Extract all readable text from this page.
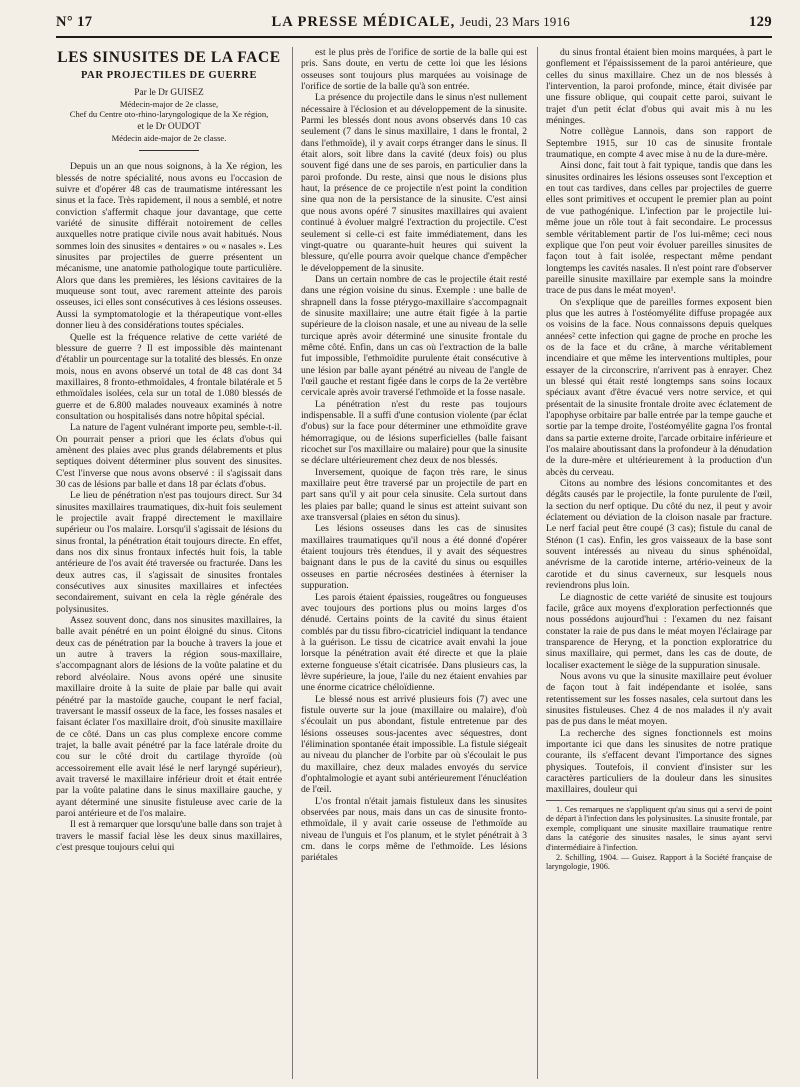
N° 17	LA PRESSE MÉDICALE, Jeudi, 23 Mars 1916	129
LES SINUSITES DE LA FACE
PAR PROJECTILES DE GUERRE
Par le Dr GUISEZ
Médecin-major de 2e classe,
Chef du Centre oto-rhino-laryngologique de la Xe région,
et le Dr OUDOT
Médecin aide-major de 2e classe.

Depuis un an que nous soignons, à la Xe région, les blessés de notre spécialité, nous avons eu l'occasion de suivre et d'opérer 48 cas de traumatisme intéressant les sinus et la face. Très rapidement, il nous a semblé, et notre conviction s'affermit chaque jour davantage, que cette variété de sinusite différait notoirement de celles auxquelles notre pratique civile nous avait habitués. Nous sommes loin des sinusites « dentaires » ou « nasales ». Les sinusites par projectiles de guerre présentent un mécanisme, une anatomie pathologique toute particulière. Alors que dans les premières, les lésions cavitaires de la muqueuse sont tout, avec rarement atteinte des parois osseuses, ici elles sont consécutives à ces lésions osseuses. Aussi la symptomatologie et la thérapeutique vont-elles donner lieu à des considérations toutes spéciales.

Quelle est la fréquence relative de cette variété de blessure de guerre ? Il est impossible dès maintenant d'établir un pourcentage sur la totalité des blessés. En onze mois, nous en avons observé un total de 48 cas dont 34 maxillaires, 8 fronto-ethmoïdales, 4 frontale bilatérale et 5 ethmoïdales isolées, cela sur un total de 1.080 blessés de guerre et de 6.800 malades nouveaux examinés à notre consultation ou hospitalisés dans notre hôpital spécial.

La nature de l'agent vulnérant importe peu, semble-t-il. On pourrait penser a priori que les éclats d'obus qui amènent des plaies avec plus grands délabrements et plus septiques doivent déterminer plus souvent des sinusites. C'est l'inverse que nous avons observé : il s'agissait dans 30 cas de lésions par balle et dans 18 par éclats d'obus.

Le lieu de pénétration n'est pas toujours direct. Sur 34 sinusites maxillaires traumatiques, dix-huit fois seulement le projectile avait frappé directement le maxillaire supérieur ou l'os malaire. Lorsqu'il s'agissait de lésions du sinus frontal, la pénétration était toujours directe. En effet, dans nos dix sinus frontaux infectés huit fois, la table antérieure de l'os avait été traversée ou fracturée. Dans les deux autres cas, il s'agissait de sinusites frontales consécutives aux sinusites maxillaires et infectées secondairement, suivant en cela la règle générale des polysinusites.

Assez souvent donc, dans nos sinusites maxillaires, la balle avait pénétré en un point éloigné du sinus. Citons deux cas de pénétration par la bouche à travers la joue et un autre à travers la région sous-maxillaire, s'accompagnant alors de lésions de la voûte palatine et du rebord alvéolaire. Nous avons opéré une sinusite maxillaire droite à la suite de plaie par balle qui avait pénétré par la mastoïde gauche, coupant le nerf facial, traversant le massif osseux de la face, les fosses nasales et faisant éclater l'os maxillaire droit, d'où sinusite maxillaire de ce côté. Dans un cas plus complexe encore comme trajet, la balle avait pénétré par la face latérale droite du cou sur le côté droit du cartilage thyroïde (où accessoirement elle avait lésé le nerf laryngé supérieur), avait traversé le maxillaire inférieur droit et était entrée par la voûte palatine dans le sinus maxillaire gauche, y ayant déterminé une sinusite fistuleuse avec carie de la paroi antérieure et de l'os malaire.

Il est à remarquer que lorsqu'une balle dans son trajet à travers le massif facial lèse les deux sinus maxillaires, c'est presque toujours celui qui

est le plus près de l'orifice de sortie de la balle qui est pris. Sans doute, en vertu de cette loi que les lésions osseuses sont toujours plus marquées au voisinage de l'orifice de sortie de la balle qu'à son entrée.

La présence du projectile dans le sinus n'est nullement nécessaire à l'éclosion et au développement de la sinusite. Parmi les blessés dont nous avons observés dans 10 cas seulement (7 dans le sinus maxillaire, 1 dans le frontal, 2 dans l'ethmoïde), il y avait corps étranger dans le sinus. Il était alors, soit libre dans la cavité (deux fois) ou plus souvent figé dans une de ses parois, en particulier dans la paroi profonde. Du reste, ainsi que nous le disions plus haut, la présence de ce projectile n'est point la condition sine qua non de la persistance de la sinusite. C'est ainsi que nous avons opéré 7 sinusites maxillaires qui avaient continué à évoluer malgré l'extraction du projectile. C'est seulement si celle-ci est faite immédiatement, dans les vingt-quatre ou quarante-huit heures qui suivent la blessure, qu'elle pourra avoir quelque chance d'empêcher le développement de la sinusite.

Dans un certain nombre de cas le projectile était resté dans une région voisine du sinus. Exemple : une balle de shrapnell dans la fosse ptérygo-maxillaire s'accompagnait de sinusite maxillaire; une autre était figée à la partie supérieure de la cloison nasale, et une au niveau de la selle turcique après avoir déterminé une sinusite frontale du même côté. Enfin, dans un cas où l'extraction de la balle fut impossible, l'ethmoïdite purulente était consécutive à une lésion par balle ayant pénétré au niveau de l'angle de l'œil gauche et restant figée dans le corps de la 2e vertèbre cervicale après avoir traversé l'ethmoïde et la fosse nasale.

La pénétration n'est du reste pas toujours indispensable. Il a suffi d'une contusion violente (par éclat d'obus) sur la face pour déterminer une ethmoïdite grave hémorragique, ou de lésions superficielles (balle faisant ricochet sur l'os maxillaire ou malaire) pour que la sinusite se déclare ultérieurement chez deux de nos blessés.

Inversement, quoique de façon très rare, le sinus maxillaire peut être traversé par un projectile de part en part sans qu'il y ait pour cela sinusite. Cela surtout dans les plaies par balle; quand le sinus est atteint suivant son axe transversal (plaies en séton du sinus).

Les lésions osseuses dans les cas de sinusites maxillaires traumatiques qu'il nous a été donné d'opérer étaient toujours très étendues, il y avait des séquestres baignant dans le pus de la cavité du sinus ou esquilles osseuses en partie nécrosées destinées à éterniser la suppuration.

Les parois étaient épaissies, rougeâtres ou fongueuses avec toujours des portions plus ou moins larges d'os dénudé. Certains points de la cavité du sinus étaient comblés par du tissu fibro-cicatriciel indiquant la tendance à la guérison. Le tissu de cicatrice avait envahi la joue lorsque la pénétration avait été directe et que la plaie externe fongueuse s'était cicatrisée. Dans plusieurs cas, la lèvre supérieure, la joue, l'aile du nez étaient envahies par une énorme cicatrice chéloïdienne.

Le blessé nous est arrivé plusieurs fois (7) avec une fistule ouverte sur la joue (maxillaire ou malaire), d'où s'écoulait un pus abondant, fistule entretenue par des lésions osseuses sous-jacentes avec séquestres, dont l'élimination spontanée était impossible. La fistule siégeait au niveau du plancher de l'orbite par où s'écoulait le pus du maxillaire, chez deux malades envoyés du service d'ophtalmologie et ayant subi antérieurement l'énucléation de l'œil.

L'os frontal n'était jamais fistuleux dans les sinusites observées par nous, mais dans un cas de sinusite fronto-ethmoïdale, il y avait carie osseuse de l'ethmoïde au niveau de l'unguis et l'os planum, et le stylet pénétrait à 3 cm. dans le corps même de l'ethmoïde. Les lésions pariétales

du sinus frontal étaient bien moins marquées, à part le gonflement et l'épaississement de la paroi antérieure, que celles du sinus maxillaire. Chez un de nos blessés à l'intervention, la paroi profonde, mince, était divisée par une fissure oblique, qui coupait cette paroi, suivant le trajet d'un petit éclat d'obus qui avait mis à nu les méninges.

Notre collègue Lannois, dans son rapport de Septembre 1915, sur 10 cas de sinusite frontale traumatique, en compte 4 avec mise à nu de la dure-mère.

Ainsi donc, fait tout à fait typique, tandis que dans les sinusites ordinaires les lésions osseuses sont l'exception et en tout cas tardives, dans celles par projectiles de guerre elles sont primitives et occupent le premier plan au point de vue pathogénique. L'infection par le projectile lui-même joue un rôle tout à fait secondaire. Le processus semble véritablement partir de l'os lui-même; ceci nous explique que l'on peut voir évoluer pareilles sinusites de façon tout à fait isolée, respectant même pendant longtemps les cavités nasales. Il n'est point rare d'observer pareille sinusite maxillaire par exemple sans la moindre trace de pus dans le méat moyen¹.

On s'explique que de pareilles formes exposent bien plus que les autres à l'ostéomyélite diffuse propagée aux os voisins de la face. Nous connaissons depuis quelques années² cette infection qui gagne de proche en proche les os de la face et du crâne, à marche véritablement incendiaire et que même les interventions multiples, pour essayer de la circonscrire, n'arrivent pas à enrayer. Chez un blessé qui était resté longtemps sans soins locaux spéciaux avant d'être évacué vers notre service, et qui présentait de la sinusite frontale droite avec éclatement de l'apophyse orbitaire par balle entrée par la tempe gauche et sortie par la tempe droite, l'ostéomyélite gagna l'os frontal dans sa partie externe droite, l'arcade orbitaire inférieure et l'os malaire aboutissant dans la profondeur à la dénudation de la dure-mère et ultérieurement à la production d'un abcès du cerveau.

Citons au nombre des lésions concomitantes et des dégâts causés par le projectile, la fonte purulente de l'œil, la section du nerf optique. Du côté du nez, il peut y avoir éclatement ou déviation de la cloison nasale par fracture. Le nerf facial peut être coupé (3 cas); fistule du canal de Sténon (1 cas). Enfin, les gros vaisseaux de la base sont souvent intéressés au niveau du sinus sphénoïdal, anévrisme de la carotide interne, artério-veineux de la carotide et du sinus caverneux, sur lesquels nous reviendrons plus loin.

Le diagnostic de cette variété de sinusite est toujours facile, grâce aux moyens d'exploration perfectionnés que nous possédons aujourd'hui : l'examen du nez faisant constater la raie de pus dans le méat moyen l'éclairage par transparence de Heryng, et la ponction exploratrice du sinus maxillaire, qui permet, dans les cas de doute, de localiser exactement le siège de la suppuration sinusale.

Nous avons vu que la sinusite maxillaire peut évoluer de façon tout à fait indépendante et isolée, sans retentissement sur les fosses nasales, cela surtout dans les sinusites fistuleuses. Chez 4 de nos malades il n'y avait pas de pus dans le méat moyen.

La recherche des signes fonctionnels est moins importante ici que dans les sinusites de notre pratique courante, ils s'effacent devant l'importance des signes physiques. Toutefois, il convient d'insister sur les caractères particuliers de la douleur dans les sinusites maxillaires, douleur qui

1. Ces remarques ne s'appliquent qu'au sinus qui a servi de point de départ à l'infection dans les polysinusites. La sinusite frontale, par exemple, compliquant une sinusite maxillaire traumatique rentre dans la catégorie des sinusites nasales, le sinus ayant servi d'intermédiaire à l'infection.

2. Schilling, 1904. — Guisez. Rapport à la Société française de laryngologie, 1906.
